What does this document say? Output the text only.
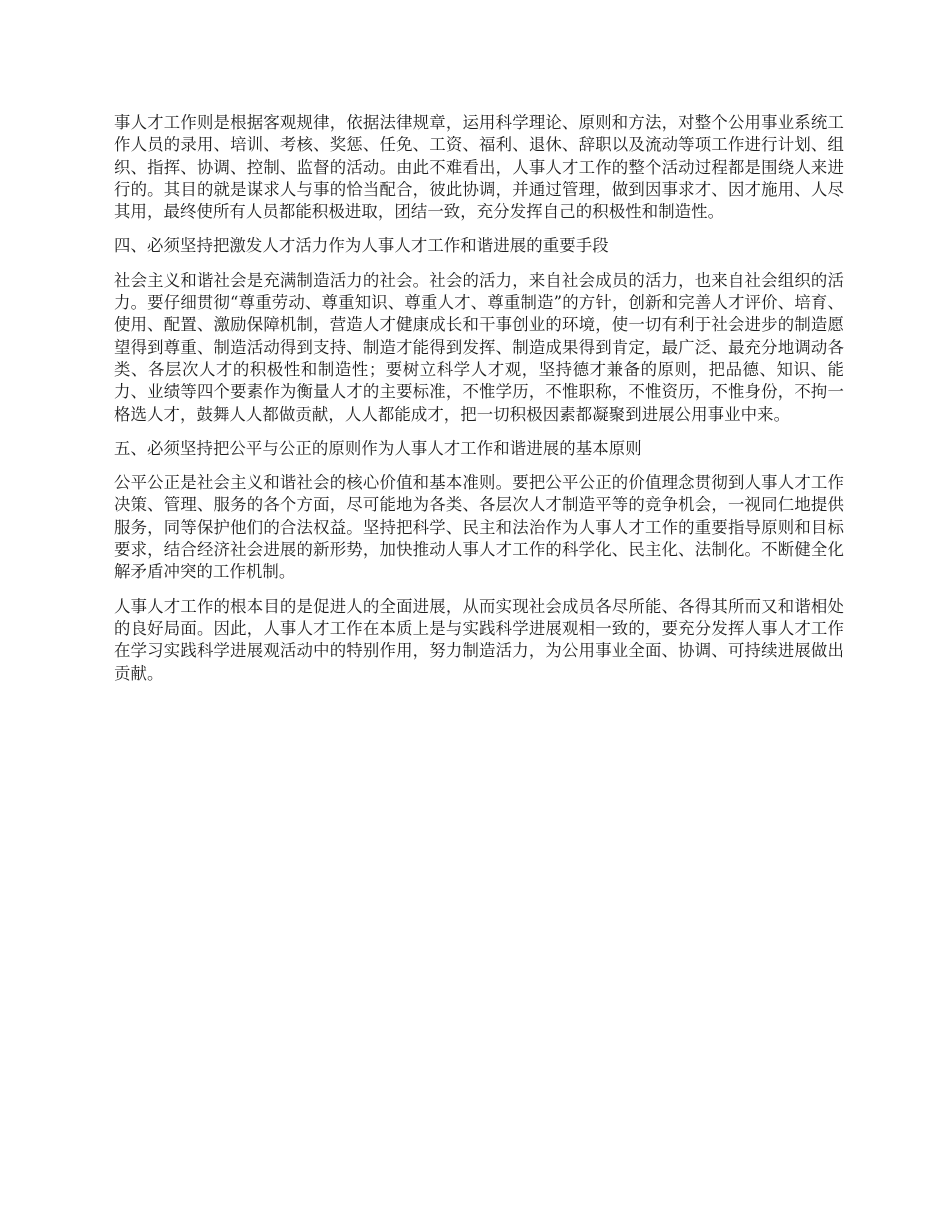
事人才工作则是根据客观规律，依据法律规章，运用科学理论、原则和方法，对整个公用事业系统工作人员的录用、培训、考核、奖惩、任免、工资、福利、退休、辞职以及流动等项工作进行计划、组织、指挥、协调、控制、监督的活动。由此不难看出，人事人才工作的整个活动过程都是围绕人来进行的。其目的就是谋求人与事的恰当配合，彼此协调，并通过管理，做到因事求才、因才施用、人尽其用，最终使所有人员都能积极进取，团结一致，充分发挥自己的积极性和制造性。

四、必须坚持把激发人才活力作为人事人才工作和谐进展的重要手段

社会主义和谐社会是充满制造活力的社会。社会的活力，来自社会成员的活力，也来自社会组织的活力。要仔细贯彻“尊重劳动、尊重知识、尊重人才、尊重制造”的方针，创新和完善人才评价、培育、使用、配置、激励保障机制，营造人才健康成长和干事创业的环境，使一切有利于社会进步的制造愿望得到尊重、制造活动得到支持、制造才能得到发挥、制造成果得到肯定，最广泛、最充分地调动各类、各层次人才的积极性和制造性；要树立科学人才观，坚持德才兼备的原则，把品德、知识、能力、业绩等四个要素作为衡量人才的主要标准，不惟学历，不惟职称，不惟资历，不惟身份，不拘一格选人才，鼓舞人人都做贡献，人人都能成才，把一切积极因素都凝聚到进展公用事业中来。

五、必须坚持把公平与公正的原则作为人事人才工作和谐进展的基本原则

公平公正是社会主义和谐社会的核心价值和基本准则。要把公平公正的价值理念贯彻到人事人才工作决策、管理、服务的各个方面，尽可能地为各类、各层次人才制造平等的竞争机会，一视同仁地提供服务，同等保护他们的合法权益。坚持把科学、民主和法治作为人事人才工作的重要指导原则和目标要求，结合经济社会进展的新形势，加快推动人事人才工作的科学化、民主化、法制化。不断健全化解矛盾冲突的工作机制。

人事人才工作的根本目的是促进人的全面进展，从而实现社会成员各尽所能、各得其所而又和谐相处的良好局面。因此，人事人才工作在本质上是与实践科学进展观相一致的，要充分发挥人事人才工作在学习实践科学进展观活动中的特别作用，努力制造活力，为公用事业全面、协调、可持续进展做出贡献。
